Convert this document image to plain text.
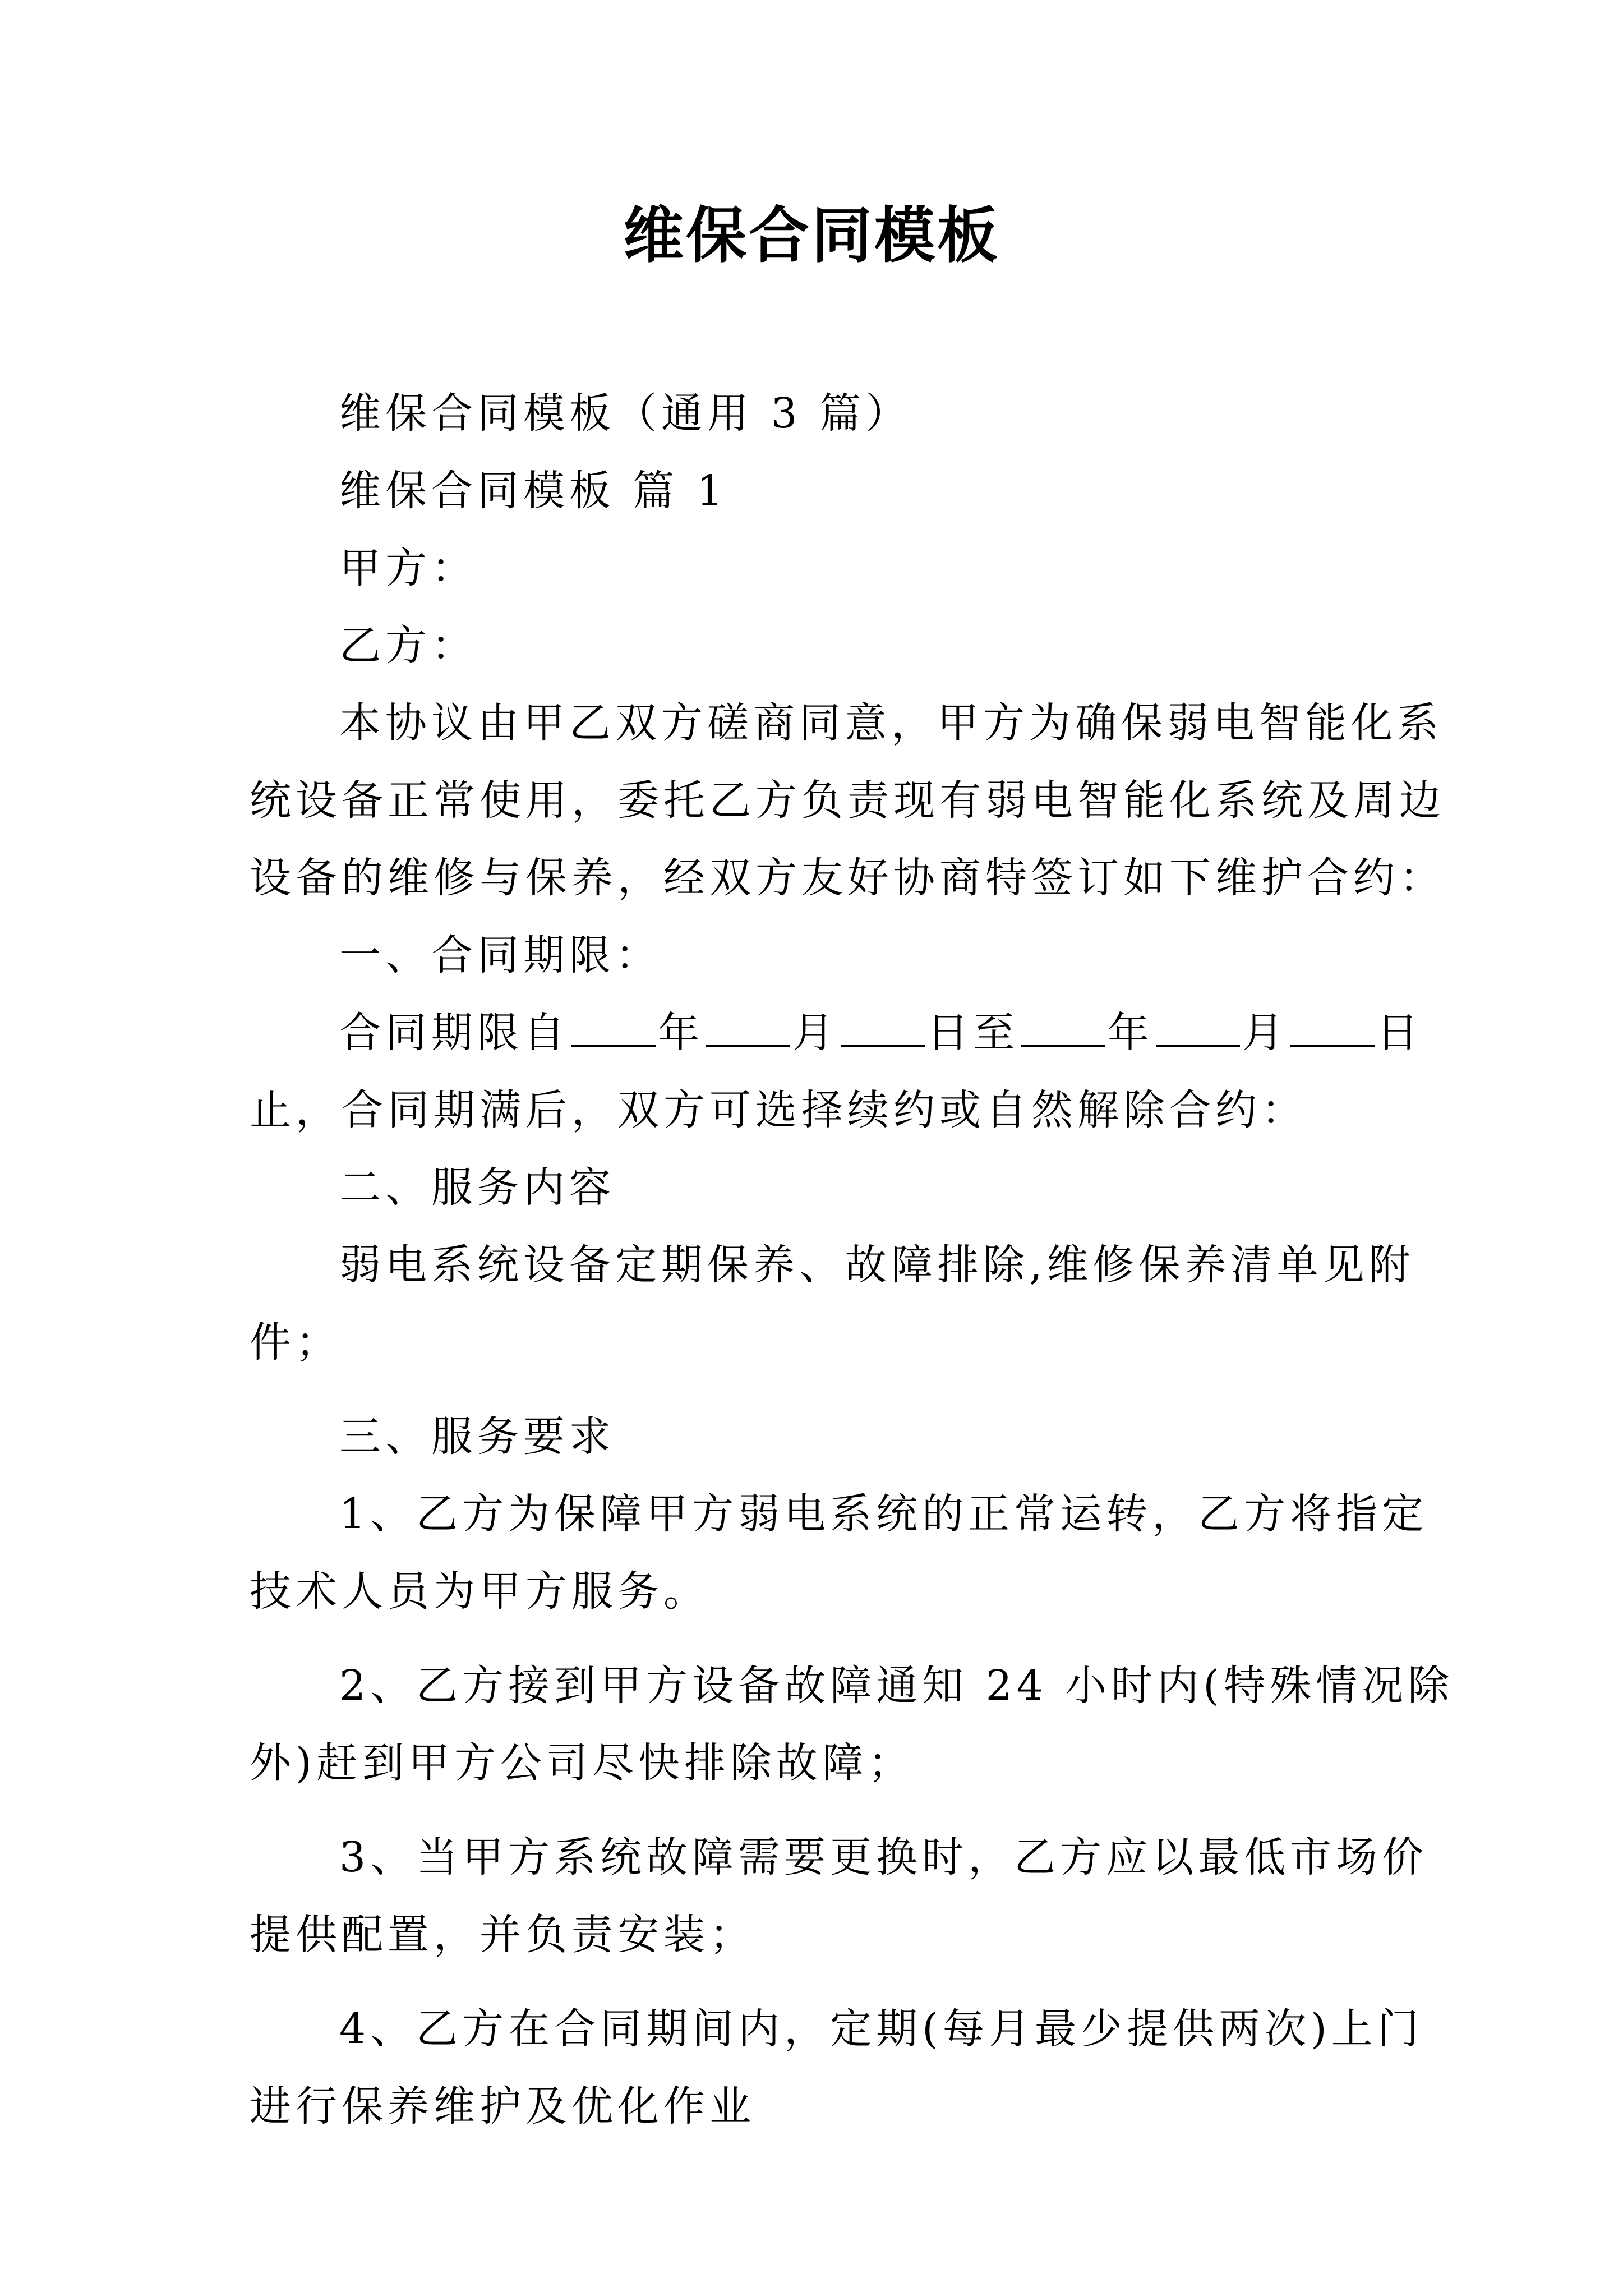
维保合同模板
维保合同模板（通用 3 篇）
维保合同模板 篇 1
甲方：
乙方：
本协议由甲乙双方磋商同意，甲方为确保弱电智能化系
统设备正常使用，委托乙方负责现有弱电智能化系统及周边
设备的维修与保养，经双方友好协商特签订如下维护合约：
一、合同期限：
合同期限自 年 月 日至 年 月 日
止，合同期满后，双方可选择续约或自然解除合约：
二、服务内容
弱电系统设备定期保养、故障排除,维修保养清单见附
件；
三、服务要求
1、乙方为保障甲方弱电系统的正常运转，乙方将指定
技术人员为甲方服务。
2、乙方接到甲方设备故障通知 24 小时内(特殊情况除
外)赶到甲方公司尽快排除故障；
3、当甲方系统故障需要更换时，乙方应以最低市场价
提供配置，并负责安装；
4、乙方在合同期间内，定期(每月最少提供两次)上门
进行保养维护及优化作业
